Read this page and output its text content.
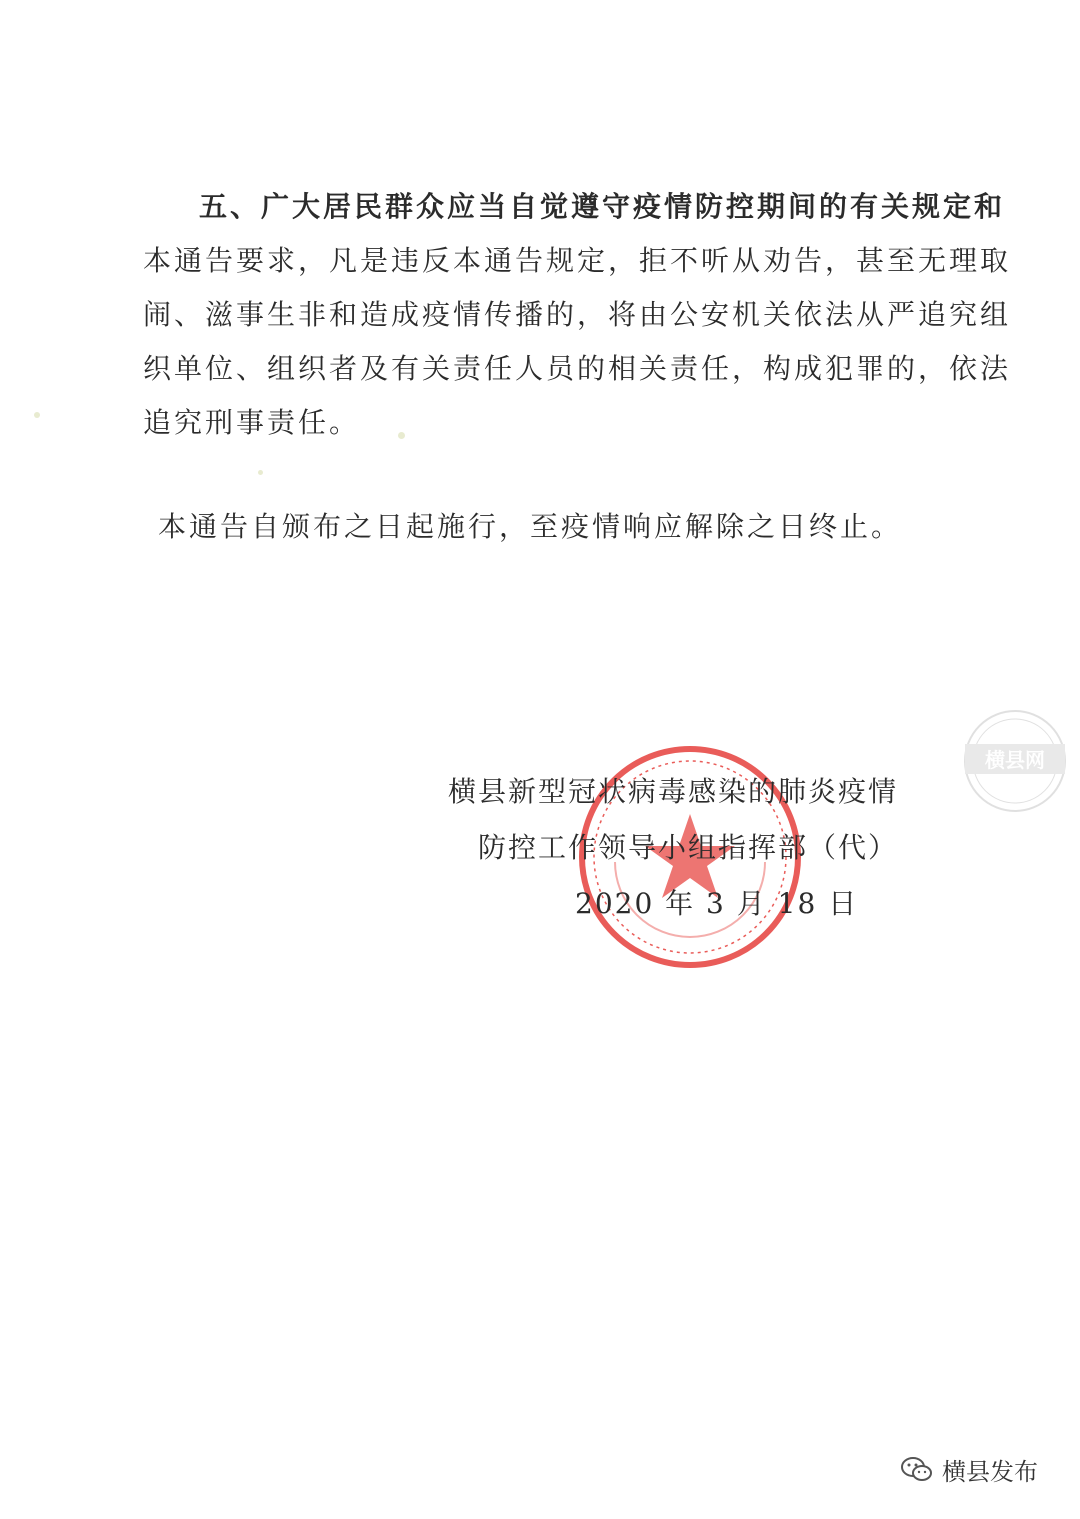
五、广大居民群众应当自觉遵守疫情防控期间的有关规定和
本通告要求，凡是违反本通告规定，拒不听从劝告，甚至无理取
闹、滋事生非和造成疫情传播的，将由公安机关依法从严追究组
织单位、组织者及有关责任人员的相关责任，构成犯罪的，依法
追究刑事责任。
本通告自颁布之日起施行，至疫情响应解除之日终止。
横县新型冠状病毒感染的肺炎疫情
防控工作领导小组指挥部（代）
2020 年 3 月 18 日
横县网
横县发布
